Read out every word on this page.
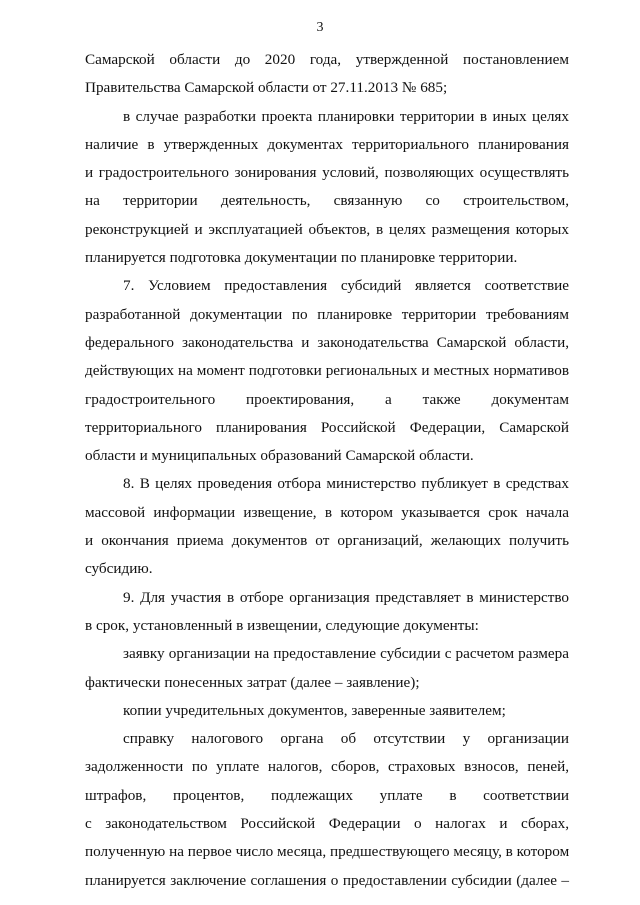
3
Самарской области до 2020 года, утвержденной постановлением
Правительства Самарской области от 27.11.2013 № 685;
в случае разработки проекта планировки территории в иных целях
наличие в утвержденных документах территориального планирования
и градостроительного зонирования условий, позволяющих осуществлять
на территории деятельность, связанную со строительством,
реконструкцией и эксплуатацией объектов, в целях размещения которых
планируется подготовка документации по планировке территории.
7. Условием предоставления субсидий является соответствие
разработанной документации по планировке территории требованиям
федерального законодательства и законодательства Самарской области,
действующих на момент подготовки региональных и местных нормативов
градостроительного проектирования, а также документам
территориального планирования Российской Федерации, Самарской
области и муниципальных образований Самарской области.
8. В целях проведения отбора министерство публикует в средствах
массовой информации извещение, в котором указывается срок начала
и окончания приема документов от организаций, желающих получить
субсидию.
9. Для участия в отборе организация представляет в министерство
в срок, установленный в извещении, следующие документы:
заявку организации на предоставление субсидии с расчетом размера
фактически понесенных затрат (далее – заявление);
копии учредительных документов, заверенные заявителем;
справку налогового органа об отсутствии у организации
задолженности по уплате налогов, сборов, страховых взносов, пеней,
штрафов, процентов, подлежащих уплате в соответствии
с законодательством Российской Федерации о налогах и сборах,
полученную на первое число месяца, предшествующего месяцу, в котором
планируется заключение соглашения о предоставлении субсидии (далее –
